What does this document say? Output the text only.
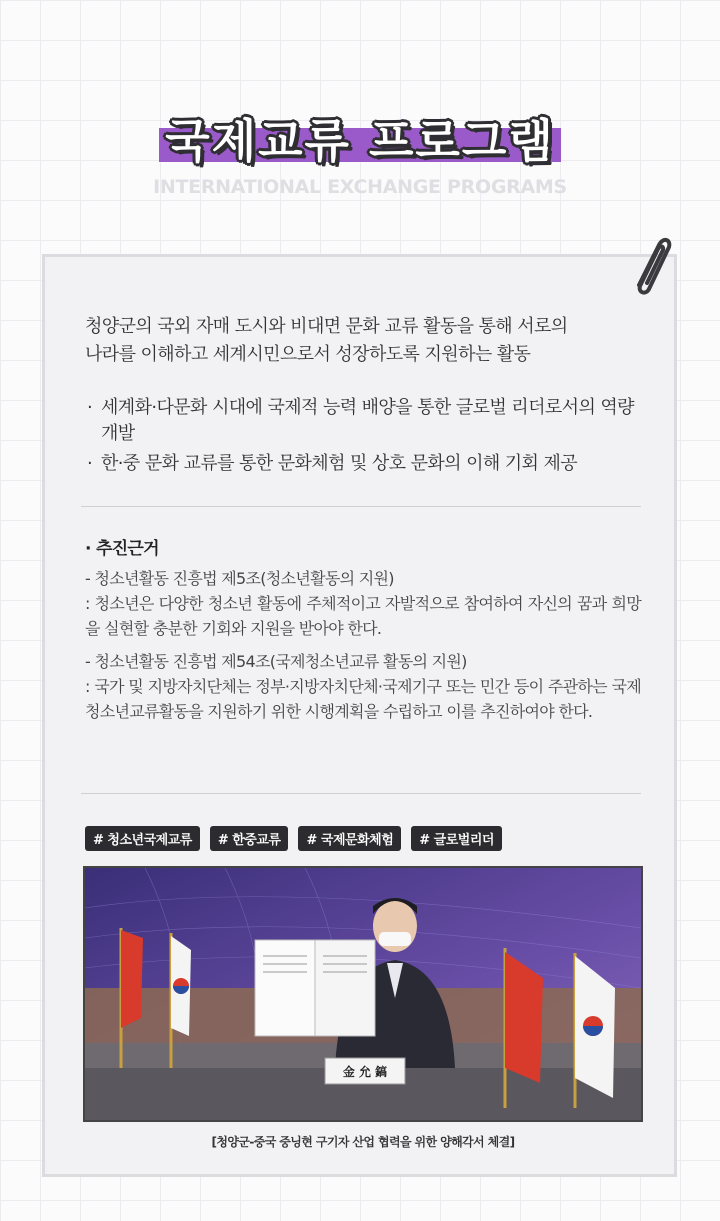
국제교류 프로그램
INTERNATIONAL EXCHANGE PROGRAMS
청양군의 국외 자매 도시와 비대면 문화 교류 활동을 통해 서로의
나라를 이해하고 세계시민으로서 성장하도록 지원하는 활동
· 세계화·다문화 시대에 국제적 능력 배양을 통한 글로벌 리더로서의 역량 개발
· 한·중 문화 교류를 통한 문화체험 및 상호 문화의 이해 기회 제공
· 추진근거
- 청소년활동 진흥법 제5조(청소년활동의 지원)
: 청소년은 다양한 청소년 활동에 주체적이고 자발적으로 참여하여 자신의 꿈과 희망을 실현할 충분한 기회와 지원을 받아야 한다.
- 청소년활동 진흥법 제54조(국제청소년교류 활동의 지원)
: 국가 및 지방자치단체는 정부·지방자치단체·국제기구 또는 민간 등이 주관하는 국제청소년교류활동을 지원하기 위한 시행계획을 수립하고 이를 추진하여야 한다.
# 청소년국제교류	# 한중교류	# 국제문화체험	# 글로벌리더
金 允 鎬
[청양군-중국 중닝현 구기자 산업 협력을 위한 양해각서 체결]
